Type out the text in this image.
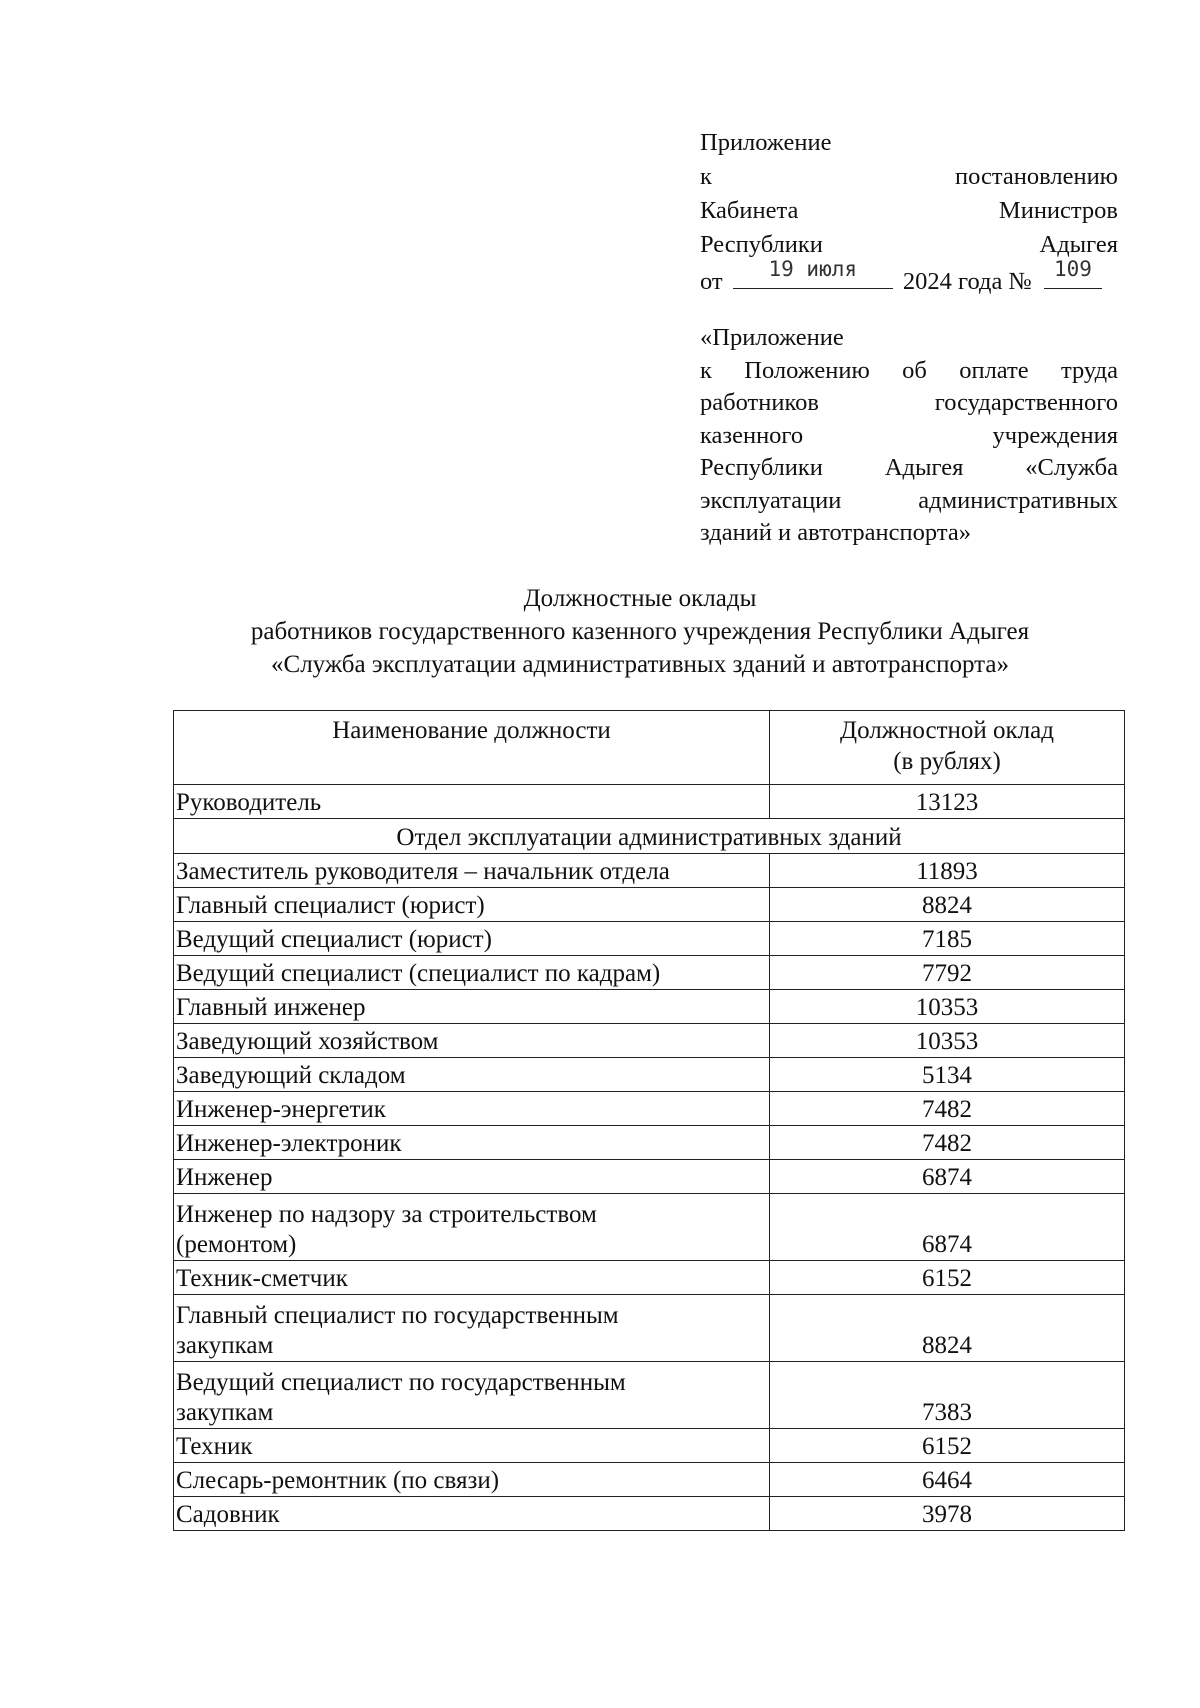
Приложение
к	постановлению
Кабинета	Министров
Республики	Адыгея
от	19 июля	2024 года №	109
«Приложение
к Положению об оплате труда
работников	государственного
казенного	учреждения
Республики	Адыгея	«Служба
эксплуатации	административных
зданий и автотранспорта»
Должностные оклады
работников государственного казенного учреждения Республики Адыгея
«Служба эксплуатации административных зданий и автотранспорта»
Наименование должности	Должностной оклад
(в рублях)

Руководитель	13123
Отдел эксплуатации административных зданий	
Заместитель руководителя – начальник отдела	11893
Главный специалист (юрист)	8824
Ведущий специалист (юрист)	7185
Ведущий специалист (специалист по кадрам)	7792
Главный инженер	10353
Заведующий хозяйством	10353
Заведующий складом	5134
Инженер-энергетик	7482
Инженер-электроник	7482
Инженер	6874

Инженер по надзору за строительством
(ремонтом)	6874
Техник-сметчик	6152

Главный специалист по государственным
закупкам	8824

Ведущий специалист по государственным
закупкам	7383
Техник	6152
Слесарь-ремонтник (по связи)	6464
Садовник	3978
